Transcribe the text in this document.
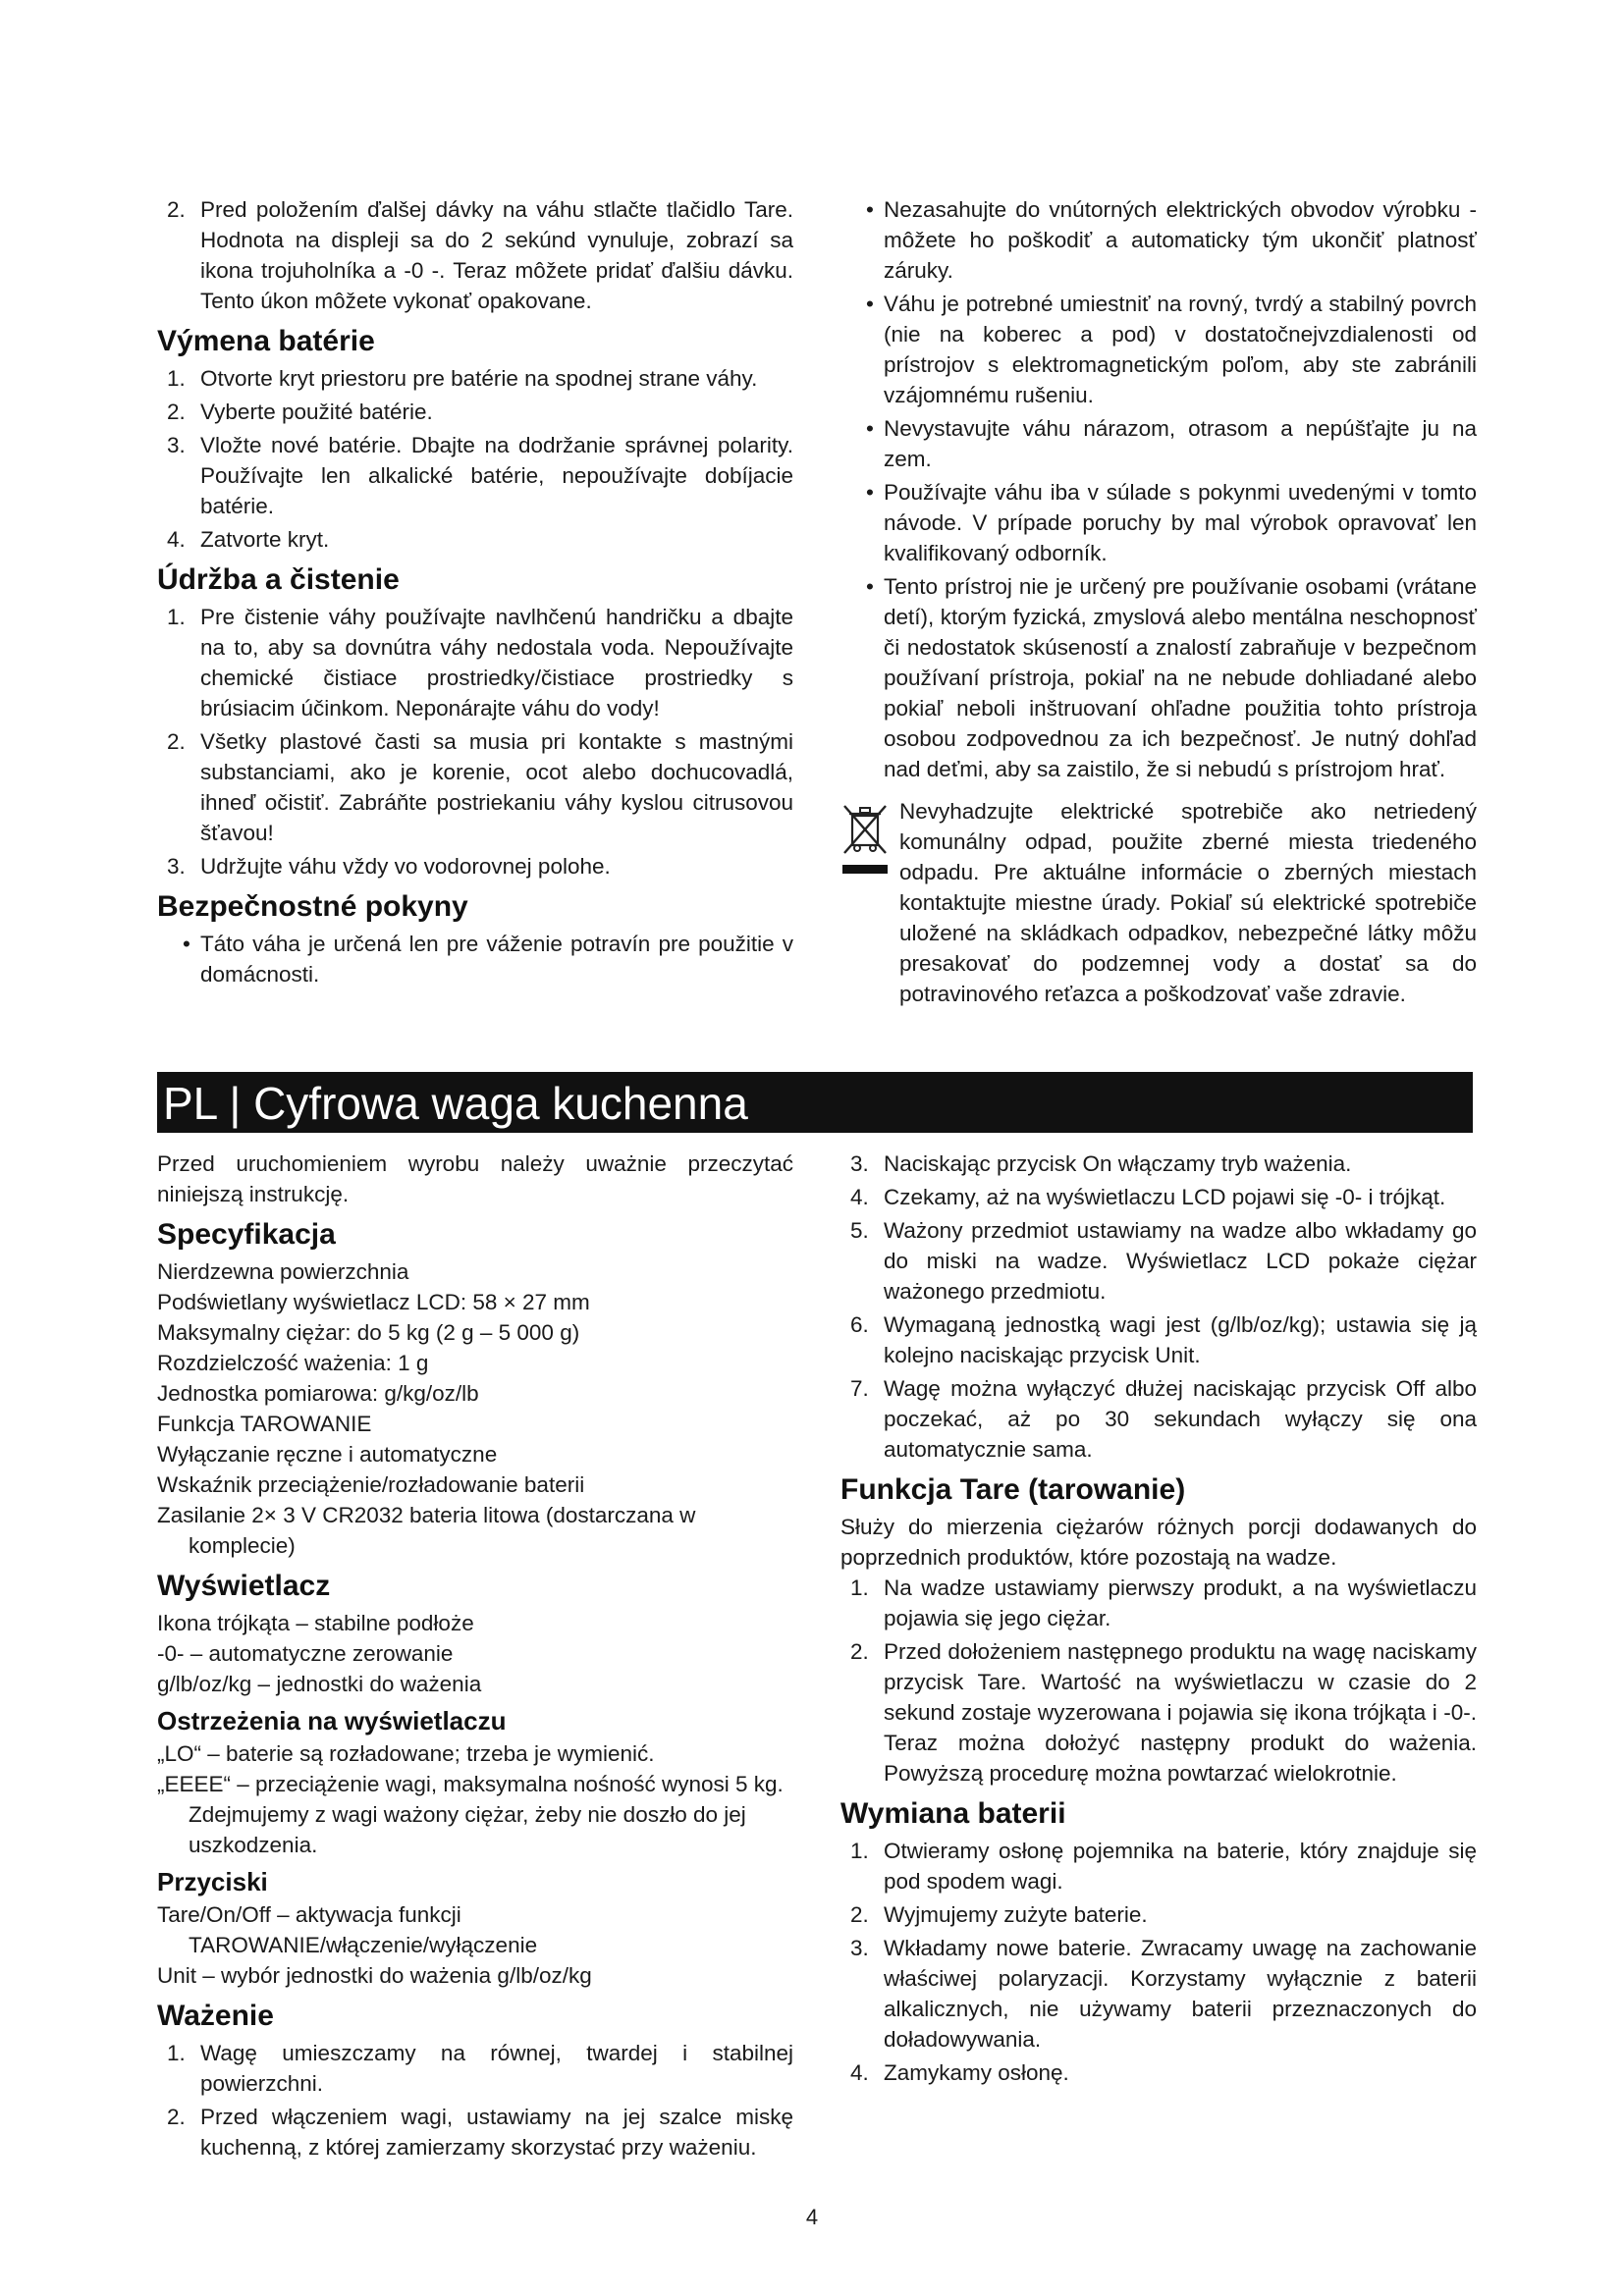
2. Pred položením ďalšej dávky na váhu stlačte tlačidlo Tare. Hodnota na displeji sa do 2 sekúnd vynuluje, zobrazí sa ikona trojuholníka a -0 -. Teraz môžete pridať ďalšiu dávku. Tento úkon môžete vykonať opakovane.
Výmena batérie
1. Otvorte kryt priestoru pre batérie na spodnej strane váhy.
2. Vyberte použité batérie.
3. Vložte nové batérie. Dbajte na dodržanie správnej polarity. Používajte len alkalické batérie, nepoužívajte dobíjacie batérie.
4. Zatvorte kryt.
Údržba a čistenie
1. Pre čistenie váhy používajte navlhčenú handričku a dbajte na to, aby sa dovnútra váhy nedostala voda. Nepoužívajte chemické čistiace prostriedky/čistiace prostriedky s brúsiacim účinkom. Neponárajte váhu do vody!
2. Všetky plastové časti sa musia pri kontakte s mastnými substanciami, ako je korenie, ocot alebo dochucovadlá, ihneď očistiť. Zabráňte postriekaniu váhy kyslou citrusovou šťavou!
3. Udržujte váhu vždy vo vodorovnej polohe.
Bezpečnostné pokyny
• Táto váha je určená len pre váženie potravín pre použitie v domácnosti.
• Nezasahujte do vnútorných elektrických obvodov výrobku - môžete ho poškodiť a automaticky tým ukončiť platnosť záruky.
• Váhu je potrebné umiestniť na rovný, tvrdý a stabilný povrch (nie na koberec a pod) v dostatočnejvzdialenosti od prístrojov s elektromagnetickým poľom, aby ste zabránili vzájomnému rušeniu.
• Nevystavujte váhu nárazom, otrasom a nepúšťajte ju na zem.
• Používajte váhu iba v súlade s pokynmi uvedenými v tomto návode. V prípade poruchy by mal výrobok opravovať len kvalifikovaný odborník.
• Tento prístroj nie je určený pre používanie osobami (vrátane detí), ktorým fyzická, zmyslová alebo mentálna neschopnosť či nedostatok skúseností a znalostí zabraňuje v bezpečnom používaní prístroja, pokiaľ na ne nebude dohliadané alebo pokiaľ neboli inštruovaní ohľadne použitia tohto prístroja osobou zodpovednou za ich bezpečnosť. Je nutný dohľad nad deťmi, aby sa zaistilo, že si nebudú s prístrojom hrať.
Nevyhadzujte elektrické spotrebiče ako netriedený komunálny odpad, použite zberné miesta triedeného odpadu. Pre aktuálne informácie o zberných miestach kontaktujte miestne úrady. Pokiaľ sú elektrické spotrebiče uložené na skládkach odpadkov, nebezpečné látky môžu presakovať do podzemnej vody a dostať sa do potravinového reťazca a poškodzovať vaše zdravie.
PL | Cyfrowa waga kuchenna

Przed uruchomieniem wyrobu należy uważnie przeczytać niniejszą instrukcję.

Specyfikacja

Nierdzewna powierzchnia

Podświetlany wyświetlacz LCD: 58 × 27 mm

Maksymalny ciężar: do 5 kg (2 g – 5 000 g)

Rozdzielczość ważenia: 1 g

Jednostka pomiarowa: g/kg/oz/lb

Funkcja TAROWANIE

Wyłączanie ręczne i automatyczne

Wskaźnik przeciążenie/rozładowanie baterii

Zasilanie 2× 3 V CR2032 bateria litowa (dostarczana w komplecie)

Wyświetlacz

Ikona trójkąta – stabilne podłoże

-0- – automatyczne zerowanie

g/lb/oz/kg – jednostki do ważenia

Ostrzeżenia na wyświetlaczu

„LO“ – baterie są rozładowane; trzeba je wymienić.

„EEEE“ – przeciążenie wagi, maksymalna nośność wynosi 5 kg. Zdejmujemy z wagi ważony ciężar, żeby nie doszło do jej uszkodzenia.

Przyciski

Tare/On/Off – aktywacja funkcji TAROWANIE/włączenie/wyłączenie

Unit – wybór jednostki do ważenia g/lb/oz/kg

Ważenie
1. Wagę umieszczamy na równej, twardej i stabilnej powierzchni.
2. Przed włączeniem wagi, ustawiamy na jej szalce miskę kuchenną, z której zamierzamy skorzystać przy ważeniu.
3. Naciskając przycisk On włączamy tryb ważenia.
4. Czekamy, aż na wyświetlaczu LCD pojawi się -0- i trójkąt.
5. Ważony przedmiot ustawiamy na wadze albo wkładamy go do miski na wadze. Wyświetlacz LCD pokaże ciężar ważonego przedmiotu.
6. Wymaganą jednostką wagi jest (g/lb/oz/kg); ustawia się ją kolejno naciskając przycisk Unit.
7. Wagę można wyłączyć dłużej naciskając przycisk Off albo poczekać, aż po 30 sekundach wyłączy się ona automatycznie sama.
Funkcja Tare (tarowanie)

Służy do mierzenia ciężarów różnych porcji dodawanych do poprzednich produktów, które pozostają na wadze.

1. Na wadze ustawiamy pierwszy produkt, a na wyświetlaczu pojawia się jego ciężar.
2. Przed dołożeniem następnego produktu na wagę naciskamy przycisk Tare. Wartość na wyświetlaczu w czasie do 2 sekund zostaje wyzerowana i pojawia się ikona trójkąta i -0-. Teraz można dołożyć następny produkt do ważenia. Powyższą procedurę można powtarzać wielokrotnie.
Wymiana baterii
1. Otwieramy osłonę pojemnika na baterie, który znajduje się pod spodem wagi.
2. Wyjmujemy zużyte baterie.
3. Wkładamy nowe baterie. Zwracamy uwagę na zachowanie właściwej polaryzacji. Korzystamy wyłącznie z baterii alkalicznych, nie używamy baterii przeznaczonych do doładowywania.
4. Zamykamy osłonę.
4
